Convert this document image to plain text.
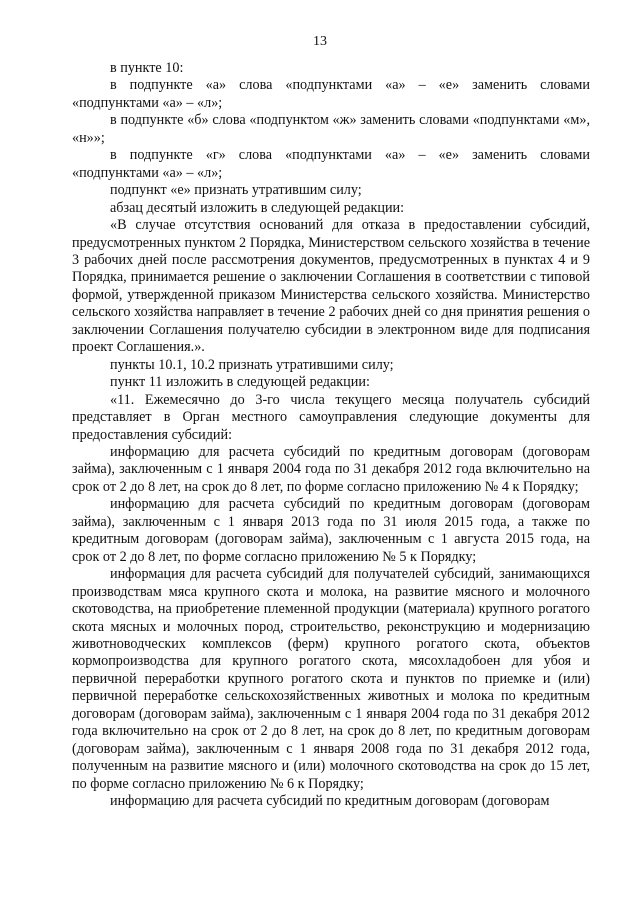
13

в пункте 10:

в подпункте «а» слова «подпунктами «а» – «е» заменить словами «подпунктами «а» – «л»;

в подпункте «б» слова «подпунктом «ж» заменить словами «подпунктами «м», «н»»;

в подпункте «г» слова «подпунктами «а» – «е» заменить словами «подпунктами «а» – «л»;

подпункт «е» признать утратившим силу;

абзац десятый изложить в следующей редакции:

«В случае отсутствия оснований для отказа в предоставлении субсидий, предусмотренных пунктом 2 Порядка, Министерством сельского хозяйства в течение 3 рабочих дней после рассмотрения документов, предусмотренных в пунктах 4 и 9 Порядка, принимается решение о заключении Соглашения в соответствии с типовой формой, утвержденной приказом Министерства сельского хозяйства. Министерство сельского хозяйства направляет в течение 2 рабочих дней со дня принятия решения о заключении Соглашения получателю субсидии в электронном виде для подписания проект Соглашения.».

пункты 10.1, 10.2 признать утратившими силу;

пункт 11 изложить в следующей редакции:

«11. Ежемесячно до 3-го числа текущего месяца получатель субсидий представляет в Орган местного самоуправления следующие документы для предоставления субсидий:

информацию для расчета субсидий по кредитным договорам (договорам займа), заключенным с 1 января 2004 года по 31 декабря 2012 года включительно на срок от 2 до 8 лет, на срок до 8 лет, по форме согласно приложению № 4 к Порядку;

информацию для расчета субсидий по кредитным договорам (договорам займа), заключенным с 1 января 2013 года по 31 июля 2015 года, а также по кредитным договорам (договорам займа), заключенным с 1 августа 2015 года, на срок от 2 до 8 лет, по форме согласно приложению № 5 к Порядку;

информация для расчета субсидий для получателей субсидий, занимающихся производствам мяса крупного скота и молока, на развитие мясного и молочного скотоводства, на приобретение племенной продукции (материала) крупного рогатого скота мясных и молочных пород, строительство, реконструкцию и модернизацию животноводческих комплексов (ферм) крупного рогатого скота, объектов кормопроизводства для крупного рогатого скота, мясохладобоен для убоя и первичной переработки крупного рогатого скота и пунктов по приемке и (или) первичной переработке сельскохозяйственных животных и молока по кредитным договорам (договорам займа), заключенным с 1 января 2004 года по 31 декабря 2012 года включительно на срок от 2 до 8 лет, на срок до 8 лет, по кредитным договорам (договорам займа), заключенным с 1 января 2008 года по 31 декабря 2012 года, полученным на развитие мясного и (или) молочного скотоводства на срок до 15 лет, по форме согласно приложению № 6 к Порядку;

информацию для расчета субсидий по кредитным договорам (договорам
